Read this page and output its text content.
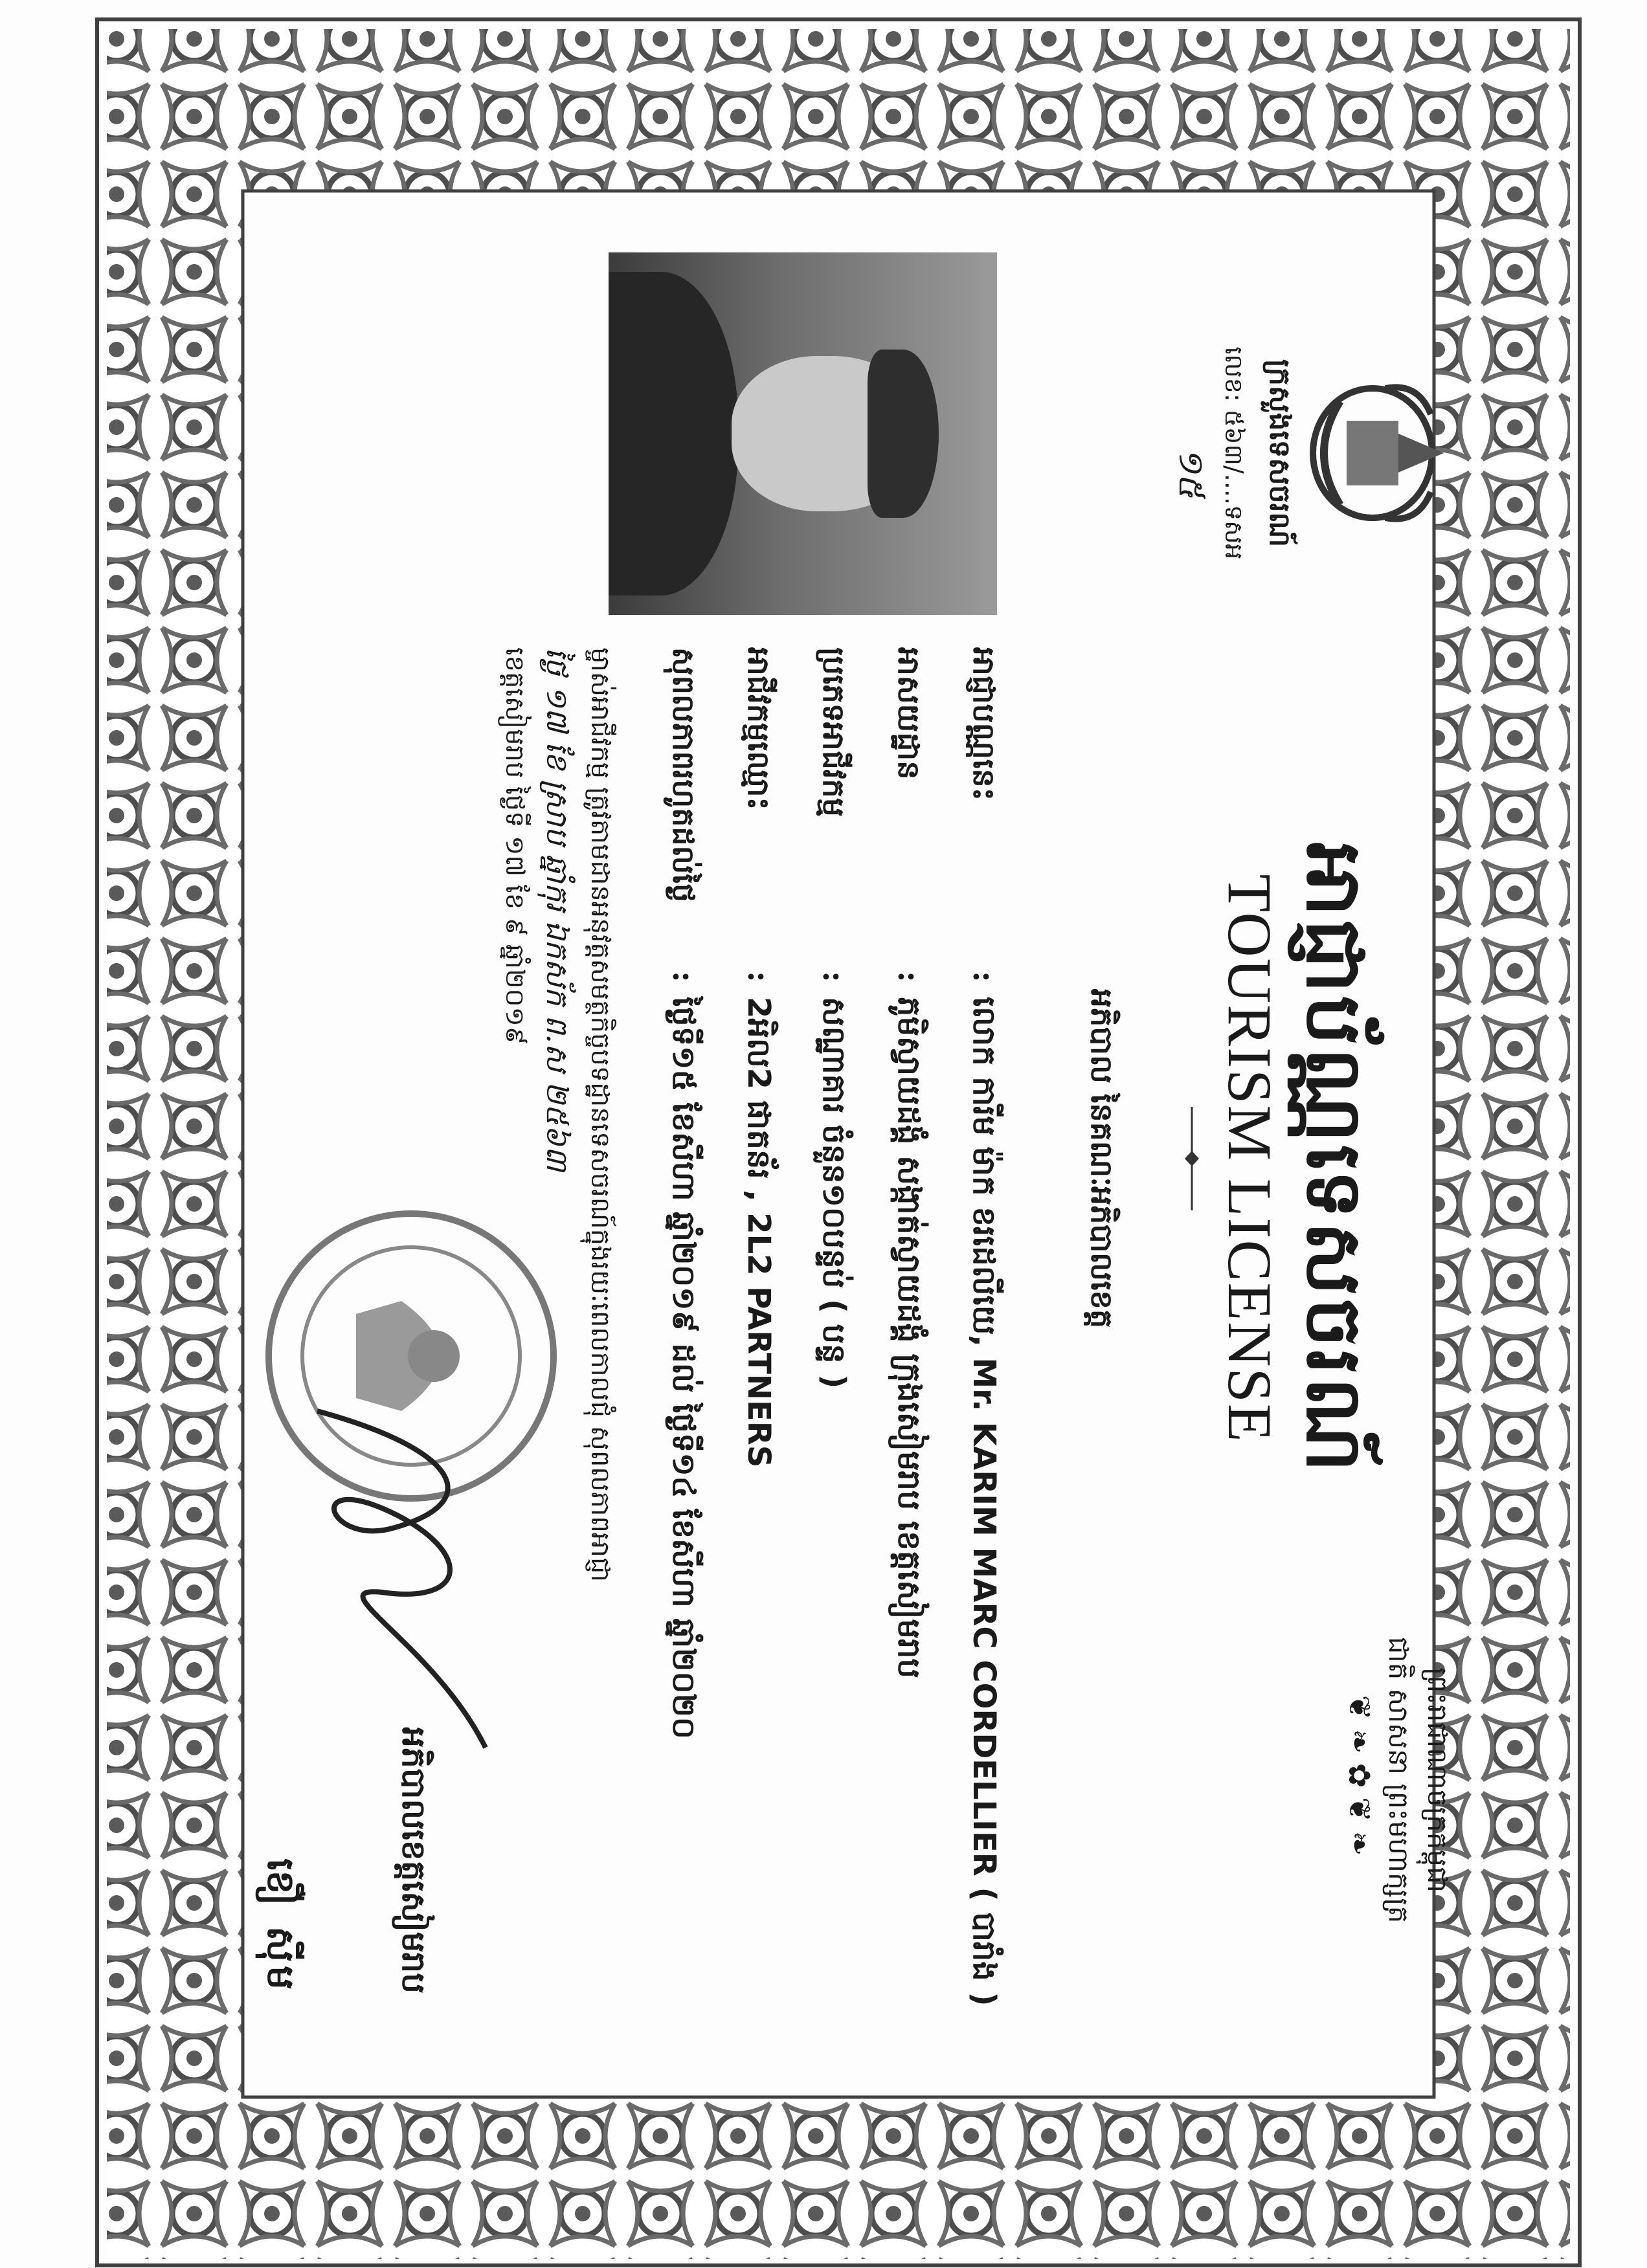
ព្រះរាជាណាចក្រកម្ពុជា
ជាតិ សាសនា ព្រះមហាក្សត្រ
❦❧✿❦❧
ក្រសួងទេសចរណ៍
លេខ: ៥៦៣/....ទសអ
១៥
អាជ្ញាប័ណ្ណទេសចរណ៍
TOURISM LICENSE
អភិបាល នៃគណៈអភិបាលខេត្ត
អាជ្ញាបណ្ណនេះ
:
លោក ការីម ម៉ាក ខរដេលីយេ, Mr. KARIM MARC CORDELLIER ( បារាំង )
អាសយដ្ឋាន
:
ភូមិស្វាយដង្គំ សង្កាត់ស្វាយដង្គំ ក្រុងសៀមរាប ខេត្តសៀមរាប
ប្រភេទអាជីវកម្ម
:
សណ្ឋាគារ ចំនួន១០បន្ទប់ ( បន្ទ )
អាជីវកម្មឈ្មោះ
:
2អិល2 ផាតន័រ , 2L2 PARTNERS
សុពលភាពរហូតដល់ថ្ងៃ
:
ថ្ងៃទី១៥ ខែសីហា ឆ្នាំ២០១៩ ដល់ ថ្ងៃទី១៤ ខែសីហា ឆ្នាំ២០២០
ម្ចាស់អាជីវកម្ម ត្រូវតាមដានអនុវត្តសមត្ថកិច្ចបទដ្ឋានទេសចរណ៍ក្នុងរយៈពេលកាលជុំ សុពលភាពអាជ្ញា
ថ្ងៃ ១៧ ខែ ស្រាប ឆ្នាំកុរ ឯកស័ក ព.ស ២៥៦៣
ខេត្តសៀមរាប ថ្ងៃទី ១៧ ខែ ៩ ឆ្នាំ២០១៩
អភិបាលខេត្តសៀមរាប
ខឿ ស៊ីម
